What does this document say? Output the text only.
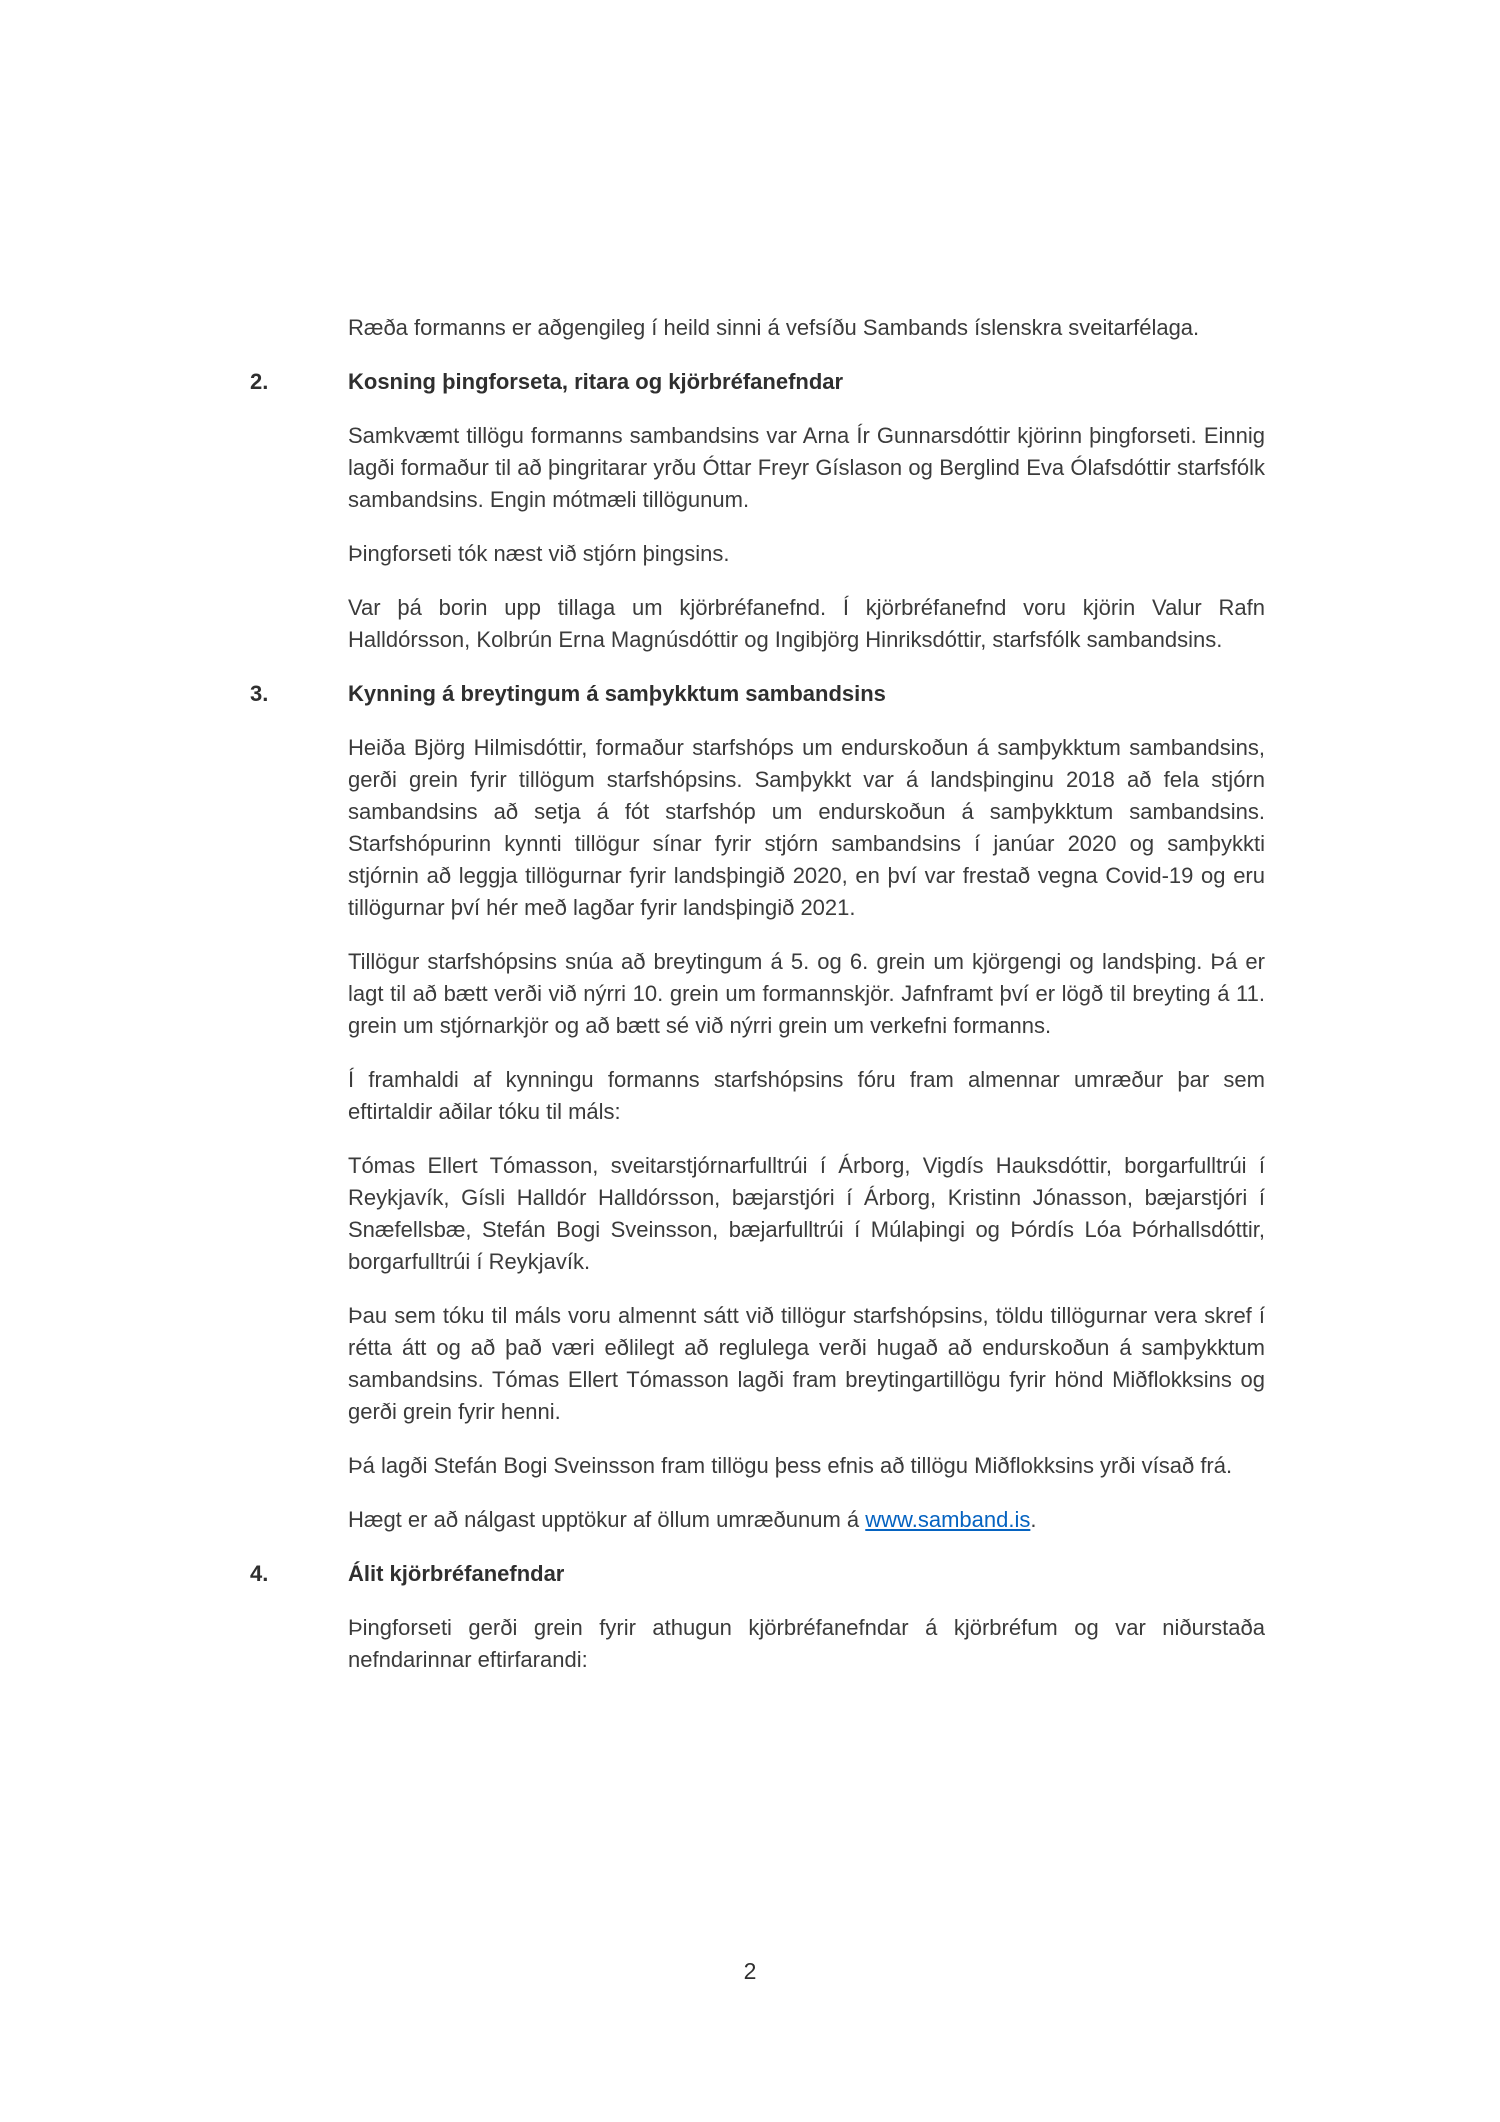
Ræða formanns er aðgengileg í heild sinni á vefsíðu Sambands íslenskra sveitarfélaga.

2.	Kosning þingforseta, ritara og kjörbréfanefndar

Samkvæmt tillögu formanns sambandsins var Arna Ír Gunnarsdóttir kjörinn þingforseti. Einnig lagði formaður til að þingritarar yrðu Óttar Freyr Gíslason og Berglind Eva Ólafsdóttir starfsfólk sambandsins. Engin mótmæli tillögunum.

Þingforseti tók næst við stjórn þingsins.

Var þá borin upp tillaga um kjörbréfanefnd. Í kjörbréfanefnd voru kjörin Valur Rafn Halldórsson, Kolbrún Erna Magnúsdóttir og Ingibjörg Hinriksdóttir, starfsfólk sambandsins.

3.	Kynning á breytingum á samþykktum sambandsins

Heiða Björg Hilmisdóttir, formaður starfshóps um endurskoðun á samþykktum sambandsins, gerði grein fyrir tillögum starfshópsins. Samþykkt var á landsþinginu 2018 að fela stjórn sambandsins að setja á fót starfshóp um endurskoðun á samþykktum sambandsins. Starfshópurinn kynnti tillögur sínar fyrir stjórn sambandsins í janúar 2020 og samþykkti stjórnin að leggja tillögurnar fyrir landsþingið 2020, en því var frestað vegna Covid-19 og eru tillögurnar því hér með lagðar fyrir landsþingið 2021.

Tillögur starfshópsins snúa að breytingum á 5. og 6. grein um kjörgengi og landsþing. Þá er lagt til að bætt verði við nýrri 10. grein um formannskjör. Jafnframt því er lögð til breyting á 11. grein um stjórnarkjör og að bætt sé við nýrri grein um verkefni formanns.

Í framhaldi af kynningu formanns starfshópsins fóru fram almennar umræður þar sem eftirtaldir aðilar tóku til máls:

Tómas Ellert Tómasson, sveitarstjórnarfulltrúi í Árborg, Vigdís Hauksdóttir, borgarfulltrúi í Reykjavík, Gísli Halldór Halldórsson, bæjarstjóri í Árborg, Kristinn Jónasson, bæjarstjóri í Snæfellsbæ, Stefán Bogi Sveinsson, bæjarfulltrúi í Múlaþingi og Þórdís Lóa Þórhallsdóttir, borgarfulltrúi í Reykjavík.

Þau sem tóku til máls voru almennt sátt við tillögur starfshópsins, töldu tillögurnar vera skref í rétta átt og að það væri eðlilegt að reglulega verði hugað að endurskoðun á samþykktum sambandsins. Tómas Ellert Tómasson lagði fram breytingartillögu fyrir hönd Miðflokksins og gerði grein fyrir henni.

Þá lagði Stefán Bogi Sveinsson fram tillögu þess efnis að tillögu Miðflokksins yrði vísað frá.

Hægt er að nálgast upptökur af öllum umræðunum á www.samband.is.

4.	Álit kjörbréfanefndar

Þingforseti gerði grein fyrir athugun kjörbréfanefndar á kjörbréfum og var niðurstaða nefndarinnar eftirfarandi:

2
